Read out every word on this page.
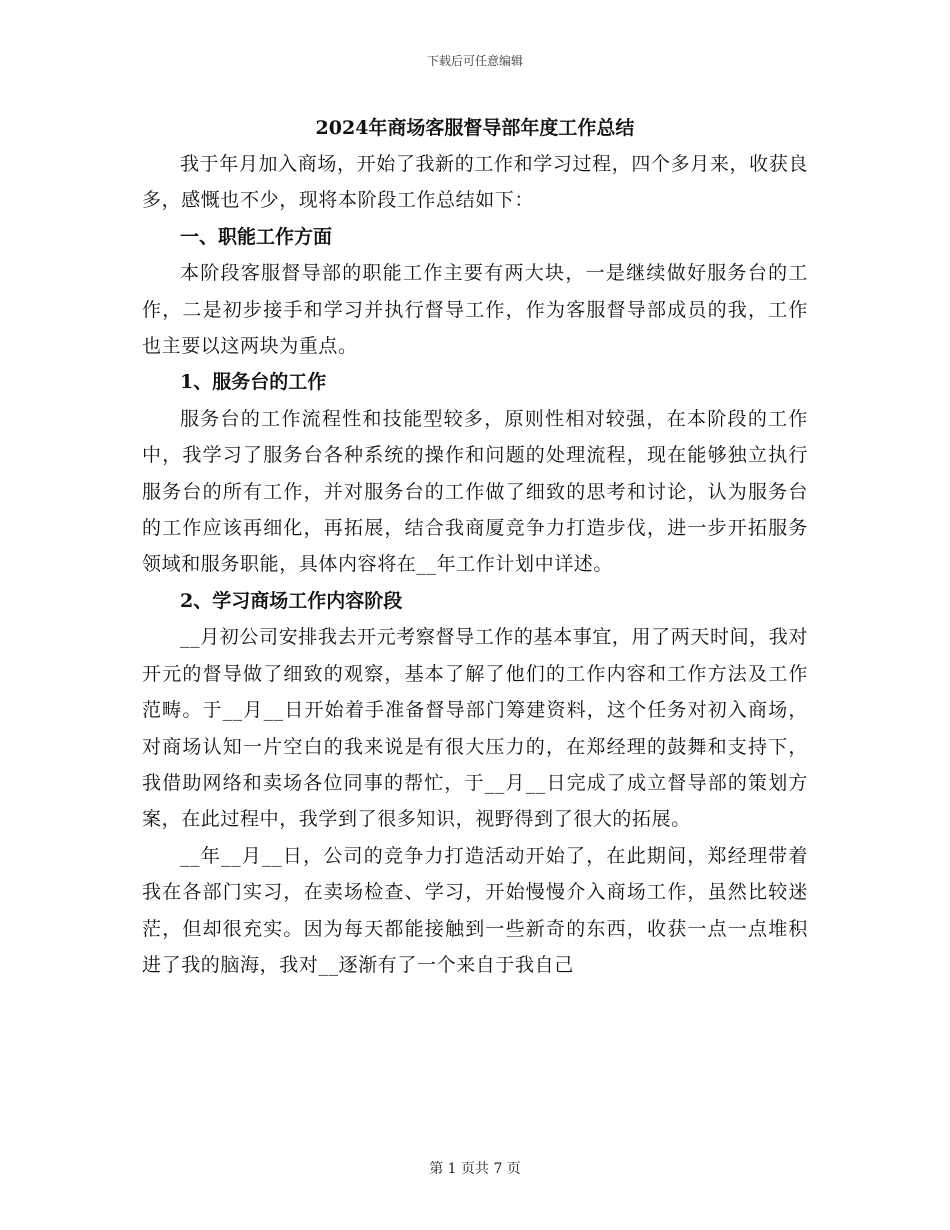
下载后可任意编辑
2024年商场客服督导部年度工作总结

我于年月加入商场，开始了我新的工作和学习过程，四个多月来，收获良多，感慨也不少，现将本阶段工作总结如下：

一、职能工作方面

本阶段客服督导部的职能工作主要有两大块，一是继续做好服务台的工作，二是初步接手和学习并执行督导工作，作为客服督导部成员的我，工作也主要以这两块为重点。

1、服务台的工作

服务台的工作流程性和技能型较多，原则性相对较强，在本阶段的工作中，我学习了服务台各种系统的操作和问题的处理流程，现在能够独立执行服务台的所有工作，并对服务台的工作做了细致的思考和讨论，认为服务台的工作应该再细化，再拓展，结合我商厦竞争力打造步伐，进一步开拓服务领域和服务职能，具体内容将在__年工作计划中详述。

2、学习商场工作内容阶段

__月初公司安排我去开元考察督导工作的基本事宜，用了两天时间，我对开元的督导做了细致的观察，基本了解了他们的工作内容和工作方法及工作范畴。于__月__日开始着手准备督导部门筹建资料，这个任务对初入商场，对商场认知一片空白的我来说是有很大压力的，在郑经理的鼓舞和支持下，我借助网络和卖场各位同事的帮忙，于__月__日完成了成立督导部的策划方案，在此过程中，我学到了很多知识，视野得到了很大的拓展。

__年__月__日，公司的竞争力打造活动开始了，在此期间，郑经理带着我在各部门实习，在卖场检查、学习，开始慢慢介入商场工作，虽然比较迷茫，但却很充实。因为每天都能接触到一些新奇的东西，收获一点一点堆积进了我的脑海，我对__逐渐有了一个来自于我自己

第 1 页共 7 页
